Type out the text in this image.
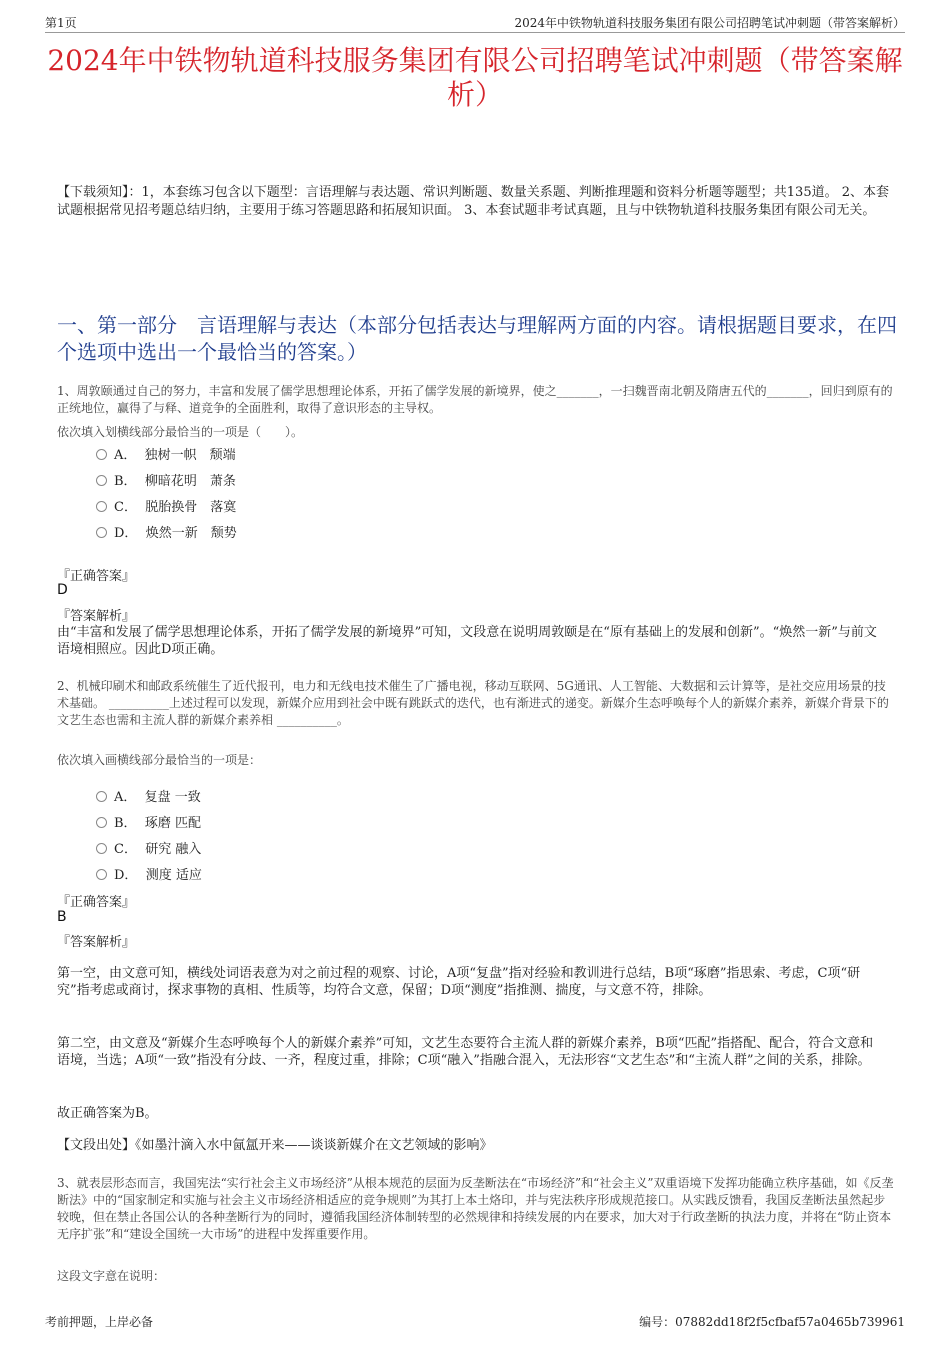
第1页	2024年中铁物轨道科技服务集团有限公司招聘笔试冲刺题（带答案解析）
2024年中铁物轨道科技服务集团有限公司招聘笔试冲刺题（带答案解析）
【下载须知】：1，本套练习包含以下题型：言语理解与表达题、常识判断题、数量关系题、判断推理题和资料分析题等题型；共135道。 2、本套试题根据常见招考题总结归纳，主要用于练习答题思路和拓展知识面。 3、本套试题非考试真题，且与中铁物轨道科技服务集团有限公司无关。
一、第一部分　言语理解与表达（本部分包括表达与理解两方面的内容。请根据题目要求，在四个选项中选出一个最恰当的答案。）
1、周敦颐通过自己的努力，丰富和发展了儒学思想理论体系，开拓了儒学发展的新境界，使之_______，一扫魏晋南北朝及隋唐五代的_______，回归到原有的正统地位，赢得了与释、道竞争的全面胜利，取得了意识形态的主导权。
依次填入划横线部分最恰当的一项是（　　）。
A．  独树一帜　颓端
B．  柳暗花明　萧条
C．  脱胎换骨　落寞
D．  焕然一新　颓势
『正确答案』
D
『答案解析』
由“丰富和发展了儒学思想理论体系，开拓了儒学发展的新境界”可知，文段意在说明周敦颐是在“原有基础上的发展和创新”。“焕然一新”与前文语境相照应。因此D项正确。
2、机械印刷术和邮政系统催生了近代报刊，电力和无线电技术催生了广播电视，移动互联网、5G通讯、人工智能、大数据和云计算等，是社交应用场景的技术基础。 __________上述过程可以发现，新媒介应用到社会中既有跳跃式的迭代，也有渐进式的递变。新媒介生态呼唤每个人的新媒介素养，新媒介背景下的文艺生态也需和主流人群的新媒介素养相 __________。
依次填入画横线部分最恰当的一项是：
A．  复盘 一致
B．  琢磨 匹配
C．  研究 融入
D．  测度 适应
『正确答案』
B
『答案解析』
第一空，由文意可知，横线处词语表意为对之前过程的观察、讨论，A项“复盘”指对经验和教训进行总结，B项“琢磨”指思索、考虑，C项“研究”指考虑或商讨，探求事物的真相、性质等，均符合文意，保留；D项“测度”指推测、揣度，与文意不符，排除。
第二空，由文意及“新媒介生态呼唤每个人的新媒介素养”可知，文艺生态要符合主流人群的新媒介素养，B项“匹配”指搭配、配合，符合文意和语境，当选；A项“一致”指没有分歧、一齐，程度过重，排除；C项“融入”指融合混入，无法形容“文艺生态”和“主流人群”之间的关系，排除。
故正确答案为B。
【文段出处】《如墨汁滴入水中氤氲开来——谈谈新媒介在文艺领域的影响》
3、就表层形态而言，我国宪法“实行社会主义市场经济”从根本规范的层面为反垄断法在“市场经济”和“社会主义”双重语境下发挥功能确立秩序基础，如《反垄断法》中的“国家制定和实施与社会主义市场经济相适应的竞争规则”为其打上本土烙印，并与宪法秩序形成规范接口。从实践反馈看，我国反垄断法虽然起步较晚，但在禁止各国公认的各种垄断行为的同时，遵循我国经济体制转型的必然规律和持续发展的内在要求，加大对于行政垄断的执法力度，并将在“防止资本无序扩张”和“建设全国统一大市场”的进程中发挥重要作用。
这段文字意在说明：
考前押题，上岸必备	编号：07882dd18f2f5cfbaf57a0465b739961
